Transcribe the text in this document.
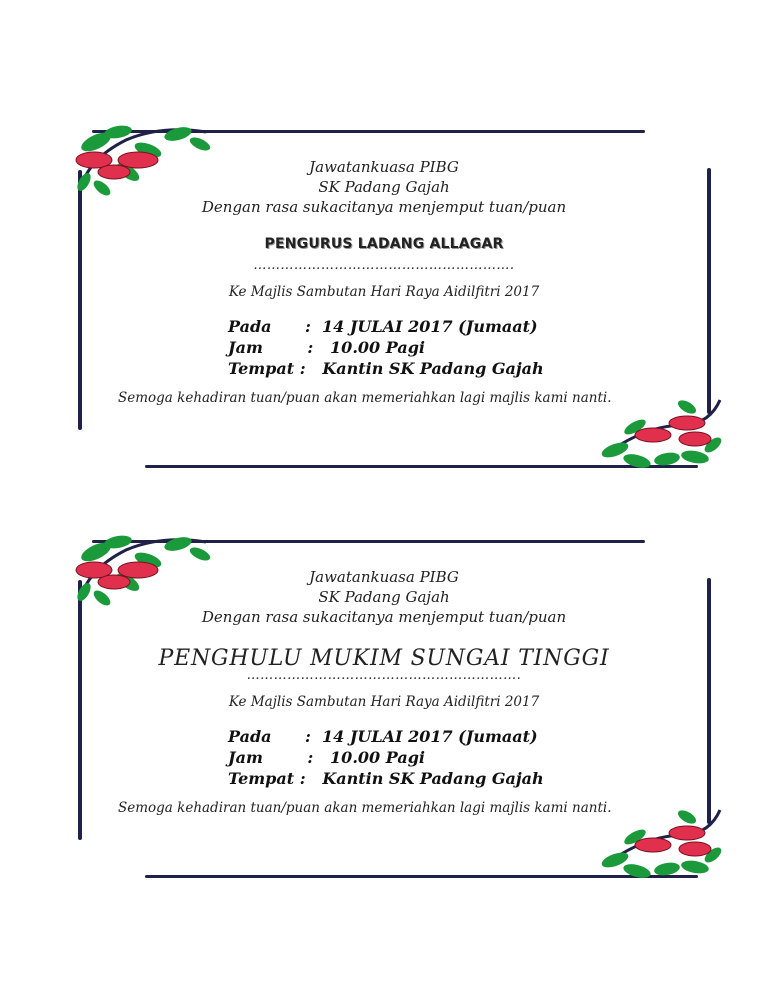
Jawatankuasa PIBG
SK Padang Gajah
Dengan rasa sukacitanya menjemput tuan/puan
PENGURUS LADANG ALLAGAR
………………………………………………….
Ke Majlis Sambutan Hari Raya Aidilfitri 2017
Pada      :  14 JULAI 2017 (Jumaat)
Jam        :   10.00 Pagi
Tempat :   Kantin SK Padang Gajah
Semoga kehadiran tuan/puan akan memeriahkan lagi majlis kami nanti.
Jawatankuasa PIBG
SK Padang Gajah
Dengan rasa sukacitanya menjemput tuan/puan
PENGHULU MUKIM SUNGAI TINGGI
…………………………………………………….
Ke Majlis Sambutan Hari Raya Aidilfitri 2017
Pada      :  14 JULAI 2017 (Jumaat)
Jam        :   10.00 Pagi
Tempat :   Kantin SK Padang Gajah
Semoga kehadiran tuan/puan akan memeriahkan lagi majlis kami nanti.
